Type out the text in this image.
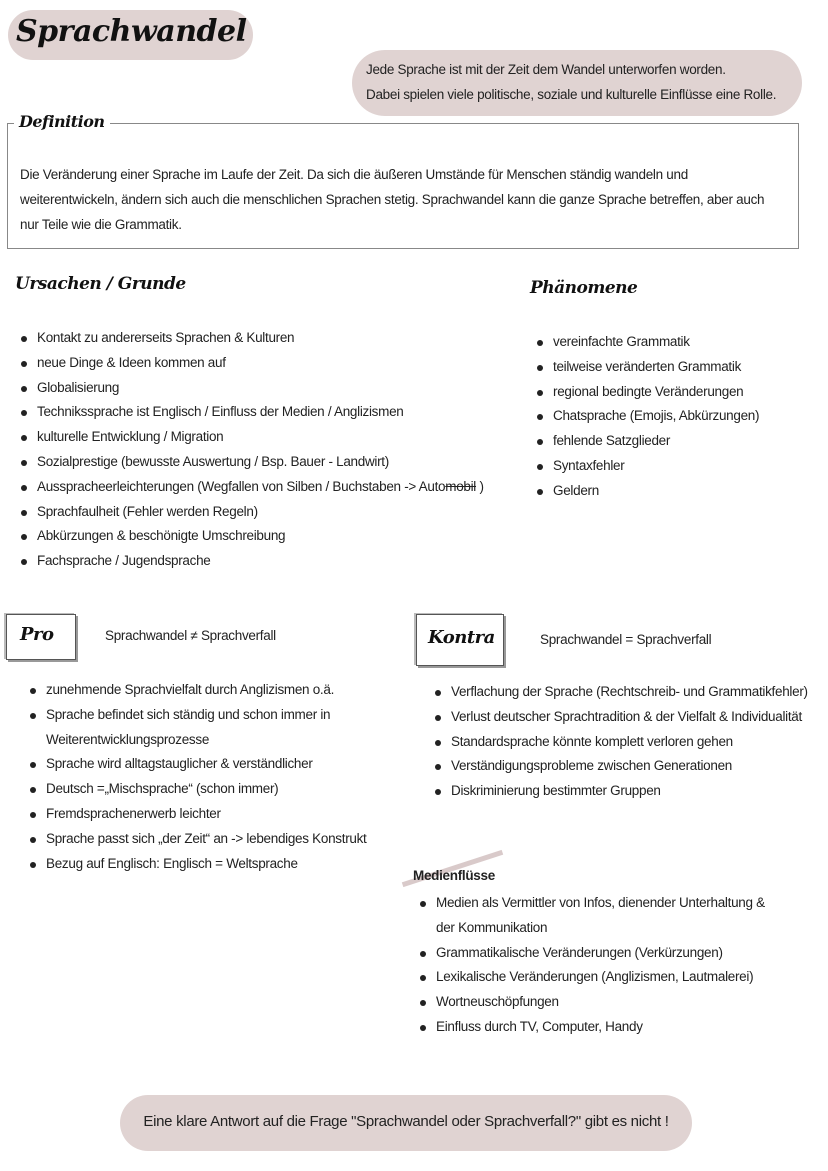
Sprachwandel
Jede Sprache ist mit der Zeit dem Wandel unterworfen worden.
Dabei spielen viele politische, soziale und kulturelle Einflüsse eine Rolle.
Definition
Die Veränderung einer Sprache im Laufe der Zeit. Da sich die äußeren Umstände für Menschen ständig wandeln und
weiterentwickeln, ändern sich auch die menschlichen Sprachen stetig. Sprachwandel kann die ganze Sprache betreffen, aber auch
nur Teile wie die Grammatik.
Ursachen / Grunde
Kontakt zu andererseits Sprachen & Kulturen
neue Dinge & Ideen kommen auf
Globalisierung
Technikssprache ist Englisch / Einfluss der Medien / Anglizismen
kulturelle Entwicklung / Migration
Sozialprestige (bewusste Auswertung / Bsp. Bauer - Landwirt)
Ausspracheerleichterungen (Wegfallen von Silben / Buchstaben -> Automobil )
Sprachfaulheit (Fehler werden Regeln)
Abkürzungen & beschönigte Umschreibung
Fachsprache / Jugendsprache
Phänomene
vereinfachte Grammatik
teilweise veränderten Grammatik
regional bedingte Veränderungen
Chatsprache (Emojis, Abkürzungen)
fehlende Satzglieder
Syntaxfehler
Geldern
Pro	Sprachwandel ≠ Sprachverfall
zunehmende Sprachvielfalt durch Anglizismen o.ä.
Sprache befindet sich ständig und schon immer in
Weiterentwicklungsprozesse
Sprache wird alltagstauglicher & verständlicher
Deutsch =„Mischsprache“ (schon immer)
Fremdsprachenerwerb leichter
Sprache passt sich „der Zeit“ an -> lebendiges Konstrukt
Bezug auf Englisch: Englisch = Weltsprache
Kontra	Sprachwandel = Sprachverfall
Verflachung der Sprache (Rechtschreib- und Grammatikfehler)
Verlust deutscher Sprachtradition & der Vielfalt & Individualität
Standardsprache könnte komplett verloren gehen
Verständigungsprobleme zwischen Generationen
Diskriminierung bestimmter Gruppen
Medienflüsse
Medien als Vermittler von Infos, dienender Unterhaltung &
der Kommunikation
Grammatikalische Veränderungen (Verkürzungen)
Lexikalische Veränderungen (Anglizismen, Lautmalerei)
Wortneuschöpfungen
Einfluss durch TV, Computer, Handy
Eine klare Antwort auf die Frage "Sprachwandel oder Sprachverfall?" gibt es nicht !
